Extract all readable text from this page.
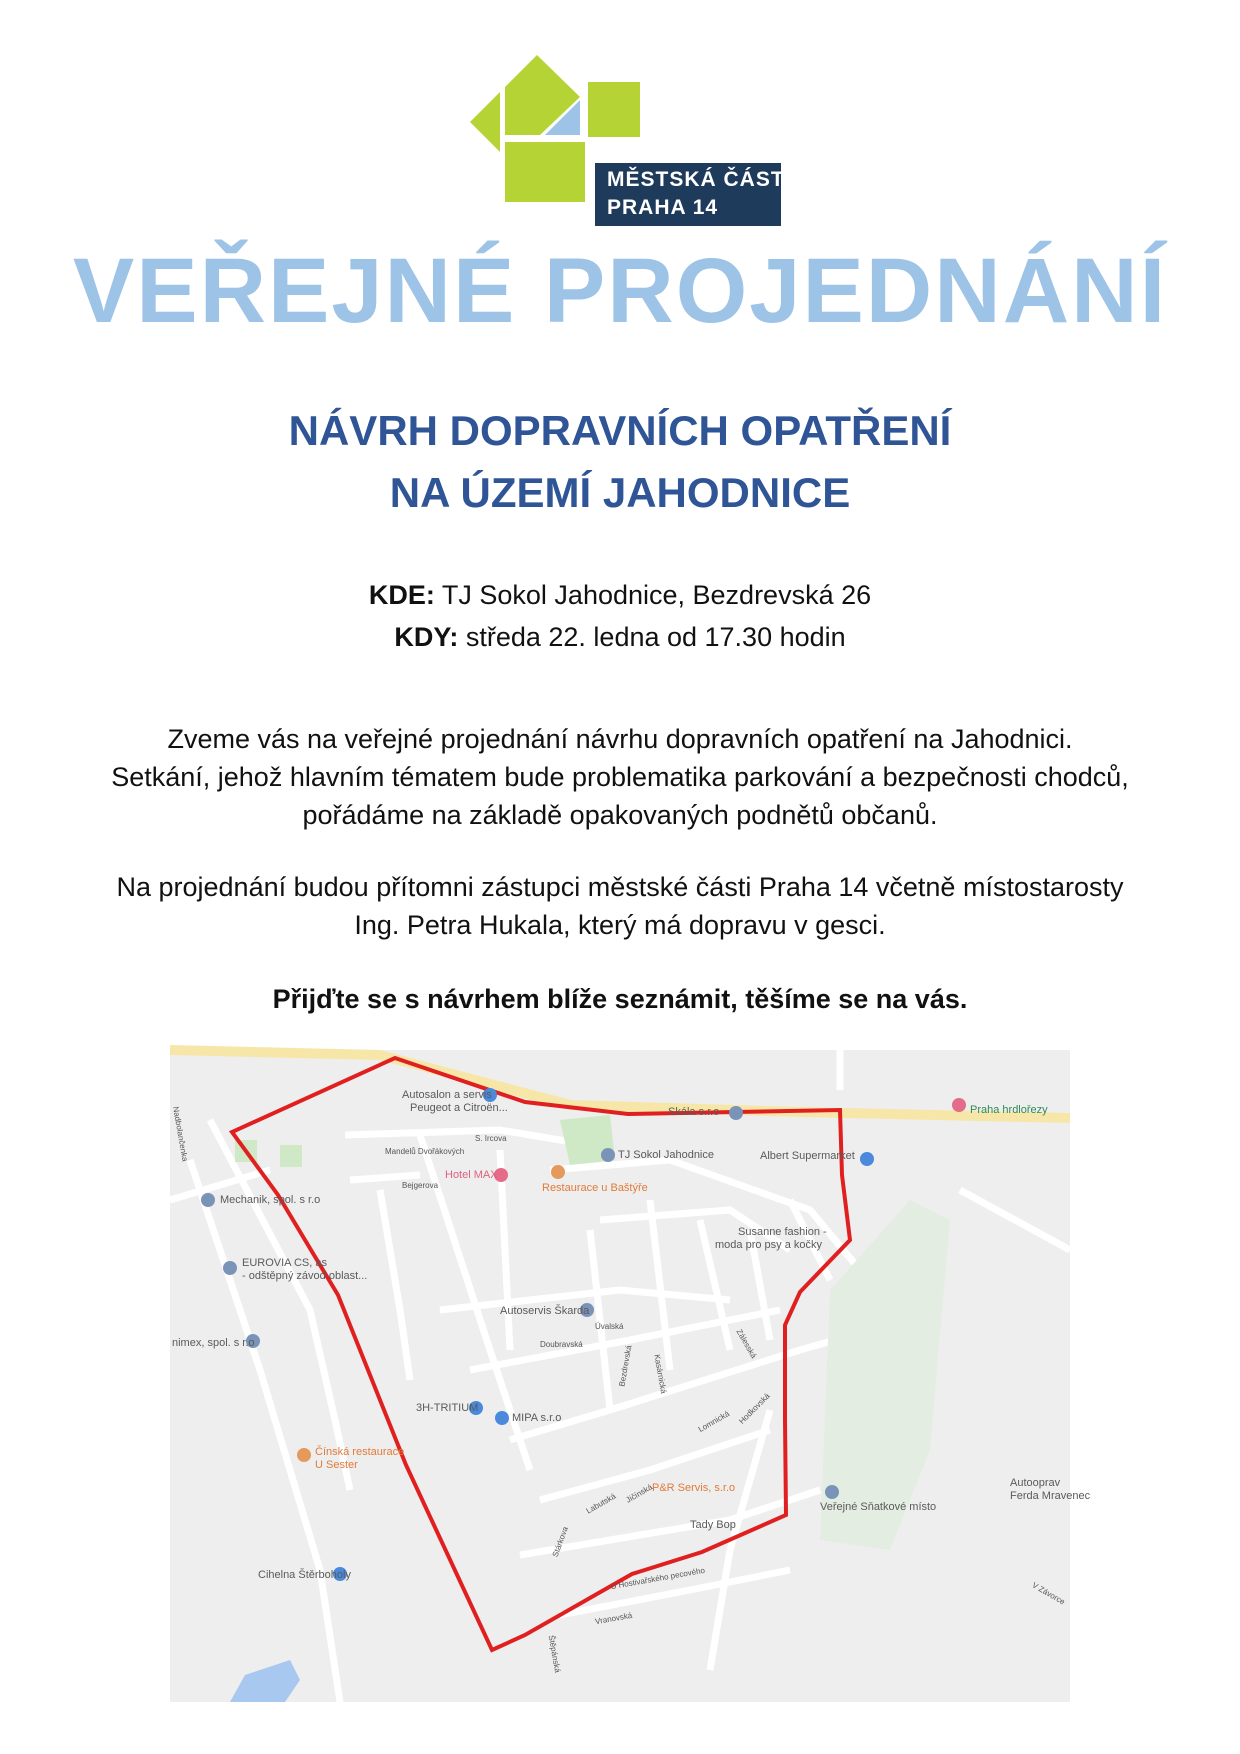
MĚSTSKÁ ČÁST
PRAHA 14
VEŘEJNÉ PROJEDNÁNÍ
NÁVRH DOPRAVNÍCH OPATŘENÍ
NA ÚZEMÍ JAHODNICE
KDE: TJ Sokol Jahodnice, Bezdrevská 26
KDY: středa 22. ledna od 17.30 hodin
Zveme vás na veřejné projednání návrhu dopravních opatření na Jahodnici.
Setkání, jehož hlavním tématem bude problematika parkování a bezpečnosti chodců,
pořádáme na základě opakovaných podnětů občanů.
Na projednání budou přítomni zástupci městské části Praha 14 včetně místostarosty
Ing. Petra Hukala, který má dopravu v gesci.
Přijďte se s návrhem blíže seznámit, těšíme se na vás.
Autosalon a servis
Peugeot a Citroën...	Skála s.r.o	Praha hrdlořezy
TJ Sokol Jahodnice	Albert Supermarket
Hotel MAX
Restaurace u Baštýře
Mechanik, spol. s r.o
EUROVIA CS, as
- odštěpný závod oblast...
Susanne fashion -
moda pro psy a kočky
Autoservis Škarda
nimex, spol. s r.o
3H-TRITIUM
MIPA s.r.o
Čínská restaurace
U Sester
P&R Servis, s.r.o	Autooprav
Ferda Mravenec
Veřejné Sňatkové místo
Tady Bop
Cihelna Štěrboholy
Mandelů Dvořákových
Bejgerova
Doubravská
Úvalská
Bezdrevská Kasárnická
Zálesská
Lomnická Hodkovská
Labutská Jičínská
U Hostivařského pecového
Vranovská
Stárkova
Štěpánská
Nadbolančenka	S. Ircova
V Závorce
